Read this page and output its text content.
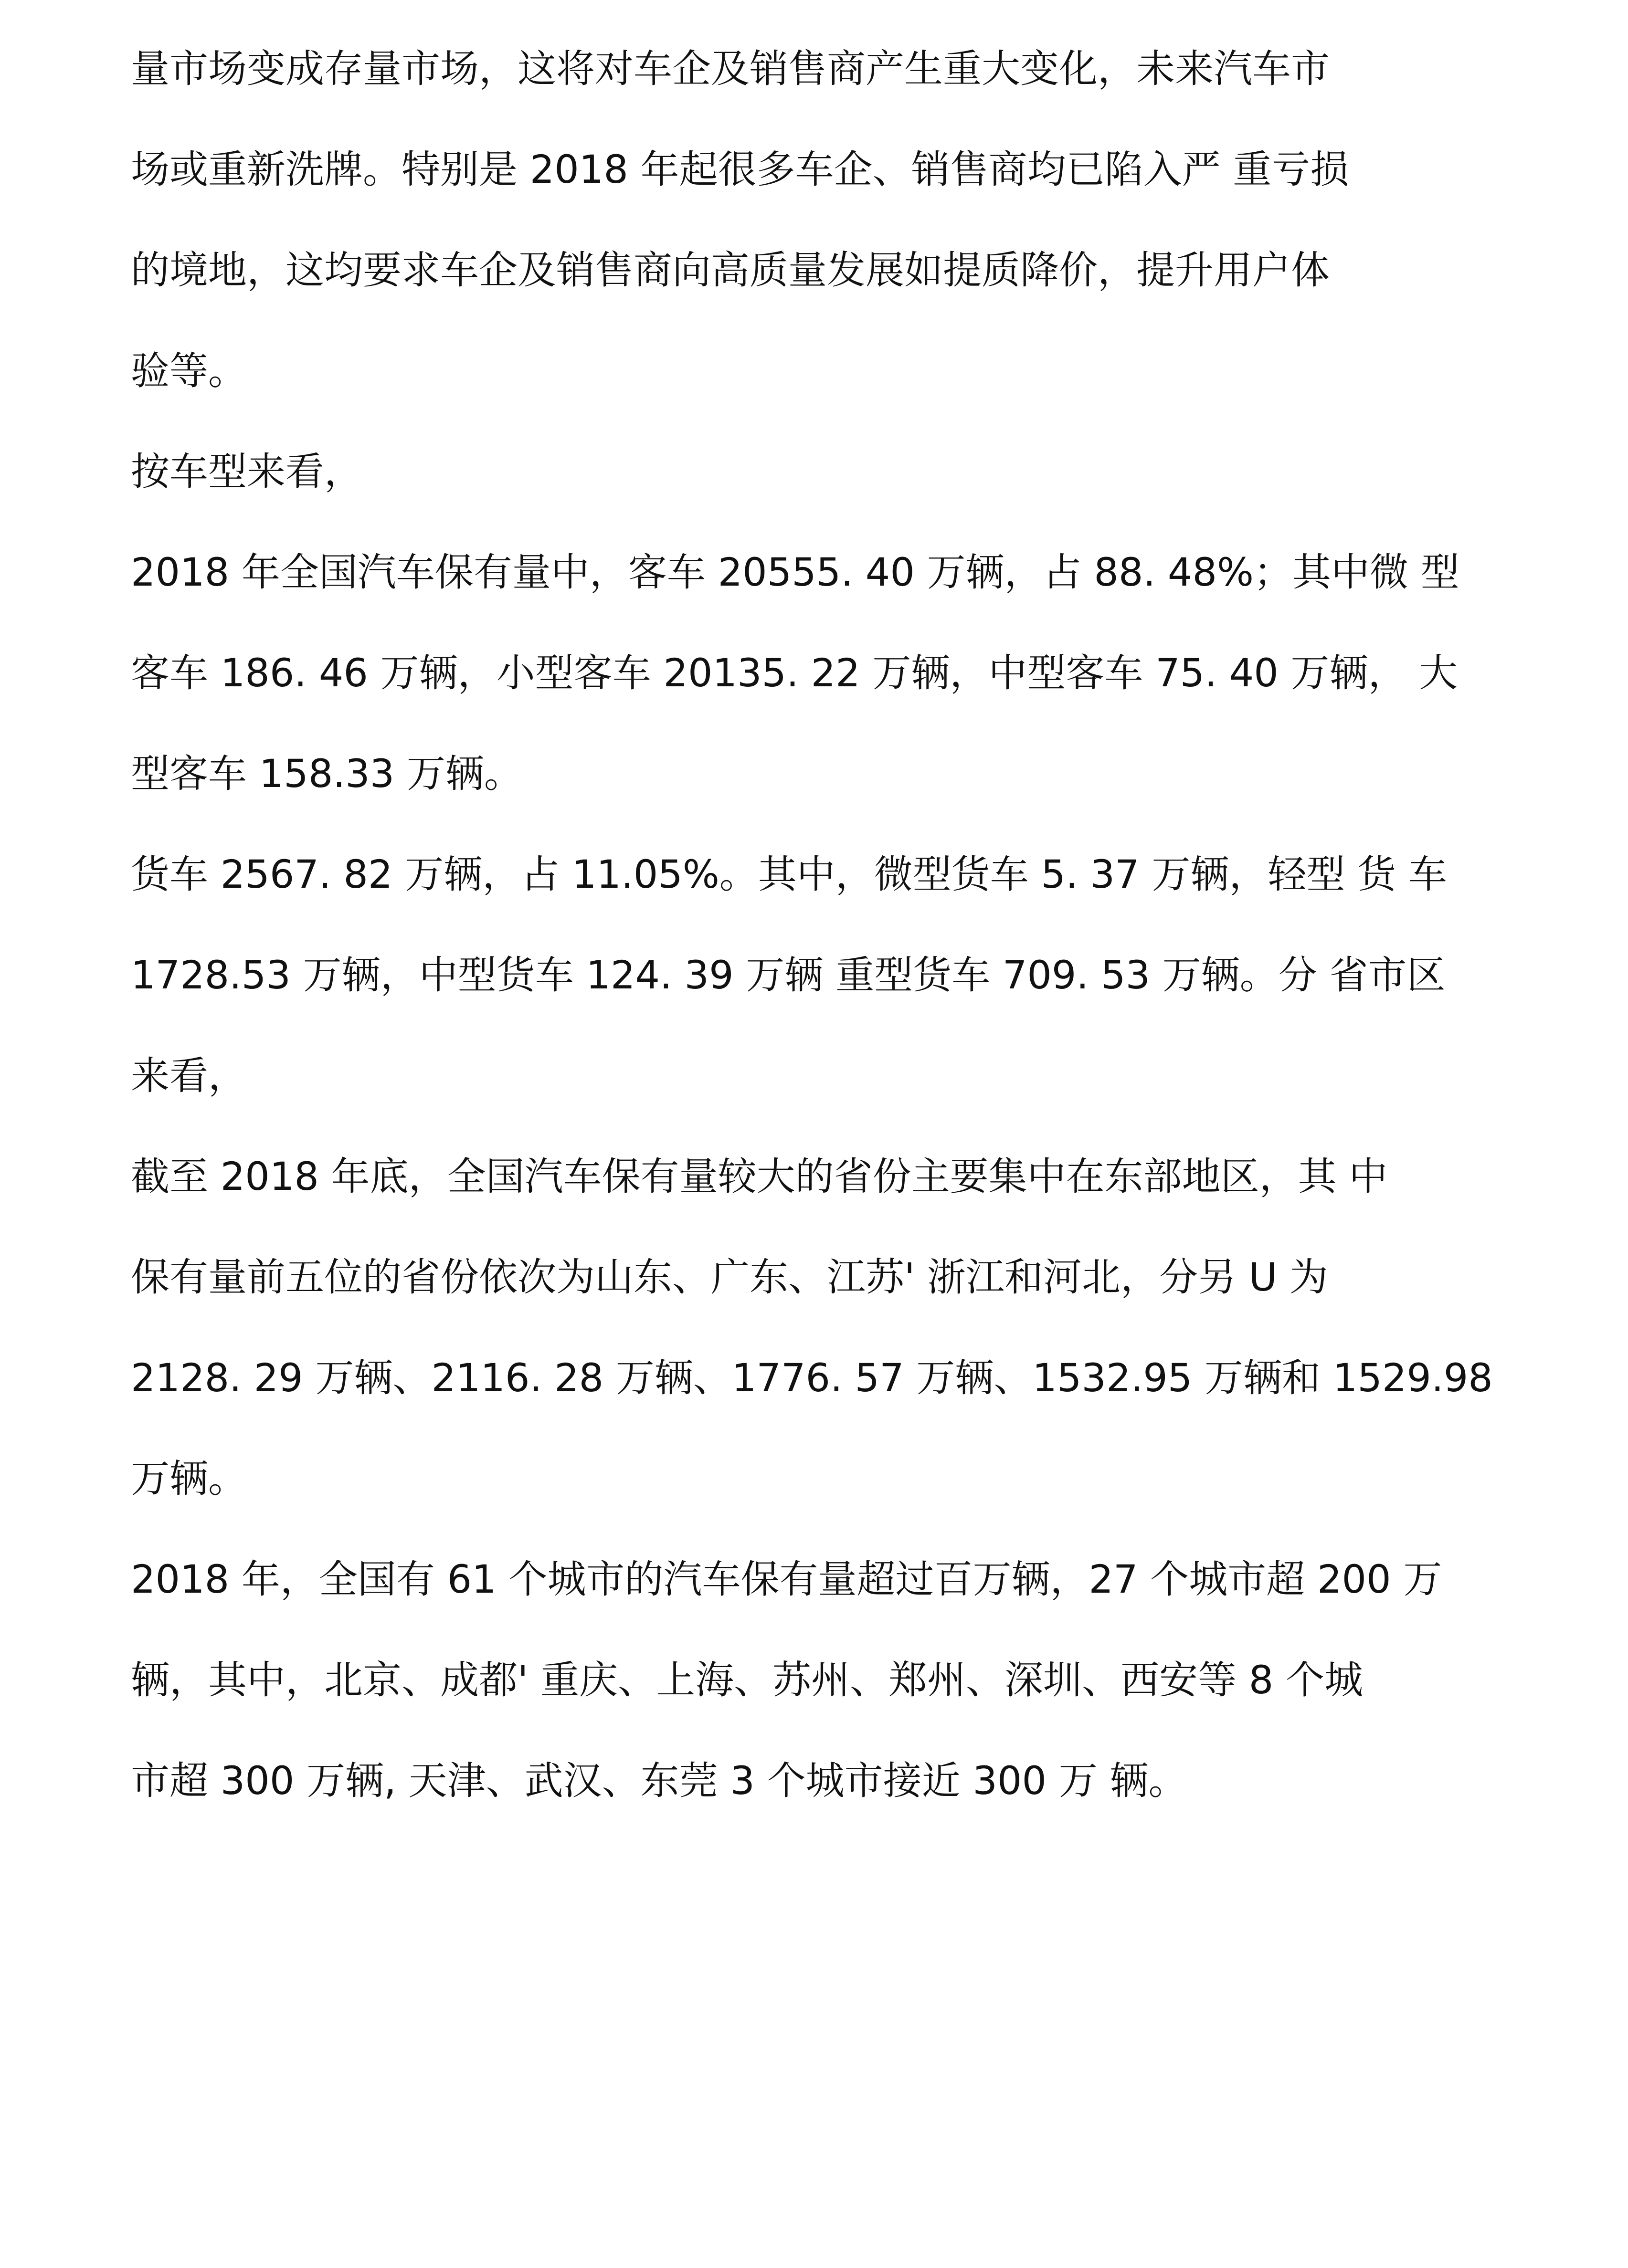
量市场变成存量市场，这将对车企及销售商产生重大变化，未来汽车市
场或重新洗牌。特别是 2018 年起很多车企、销售商均已陷入严 重亏损
的境地，这均要求车企及销售商向高质量发展如提质降价，提升用户体
验等。
按车型来看，
2018 年全国汽车保有量中，客车 20555. 40 万辆，占 88. 48%；其中微 型
客车 186. 46 万辆，小型客车 20135. 22 万辆，中型客车 75. 40 万辆， 大
型客车 158.33 万辆。
货车 2567. 82 万辆，占 11.05%。其中，微型货车 5. 37 万辆，轻型 货 车
1728.53 万辆，中型货车 124. 39 万辆 重型货车 709. 53 万辆。分 省市区
来看，
截至 2018 年底，全国汽车保有量较大的省份主要集中在东部地区，其 中
保有量前五位的省份依次为山东、广东、江苏' 浙江和河北，分另 U 为
2128. 29 万辆、2116. 28 万辆、1776. 57 万辆、1532.95 万辆和 1529.98
万辆。
2018 年，全国有 61 个城市的汽车保有量超过百万辆，27 个城市超 200 万
辆，其中，北京、成都' 重庆、上海、苏州、郑州、深圳、西安等 8 个城
市超 300 万辆, 天津、武汉、东莞 3 个城市接近 300 万 辆。
